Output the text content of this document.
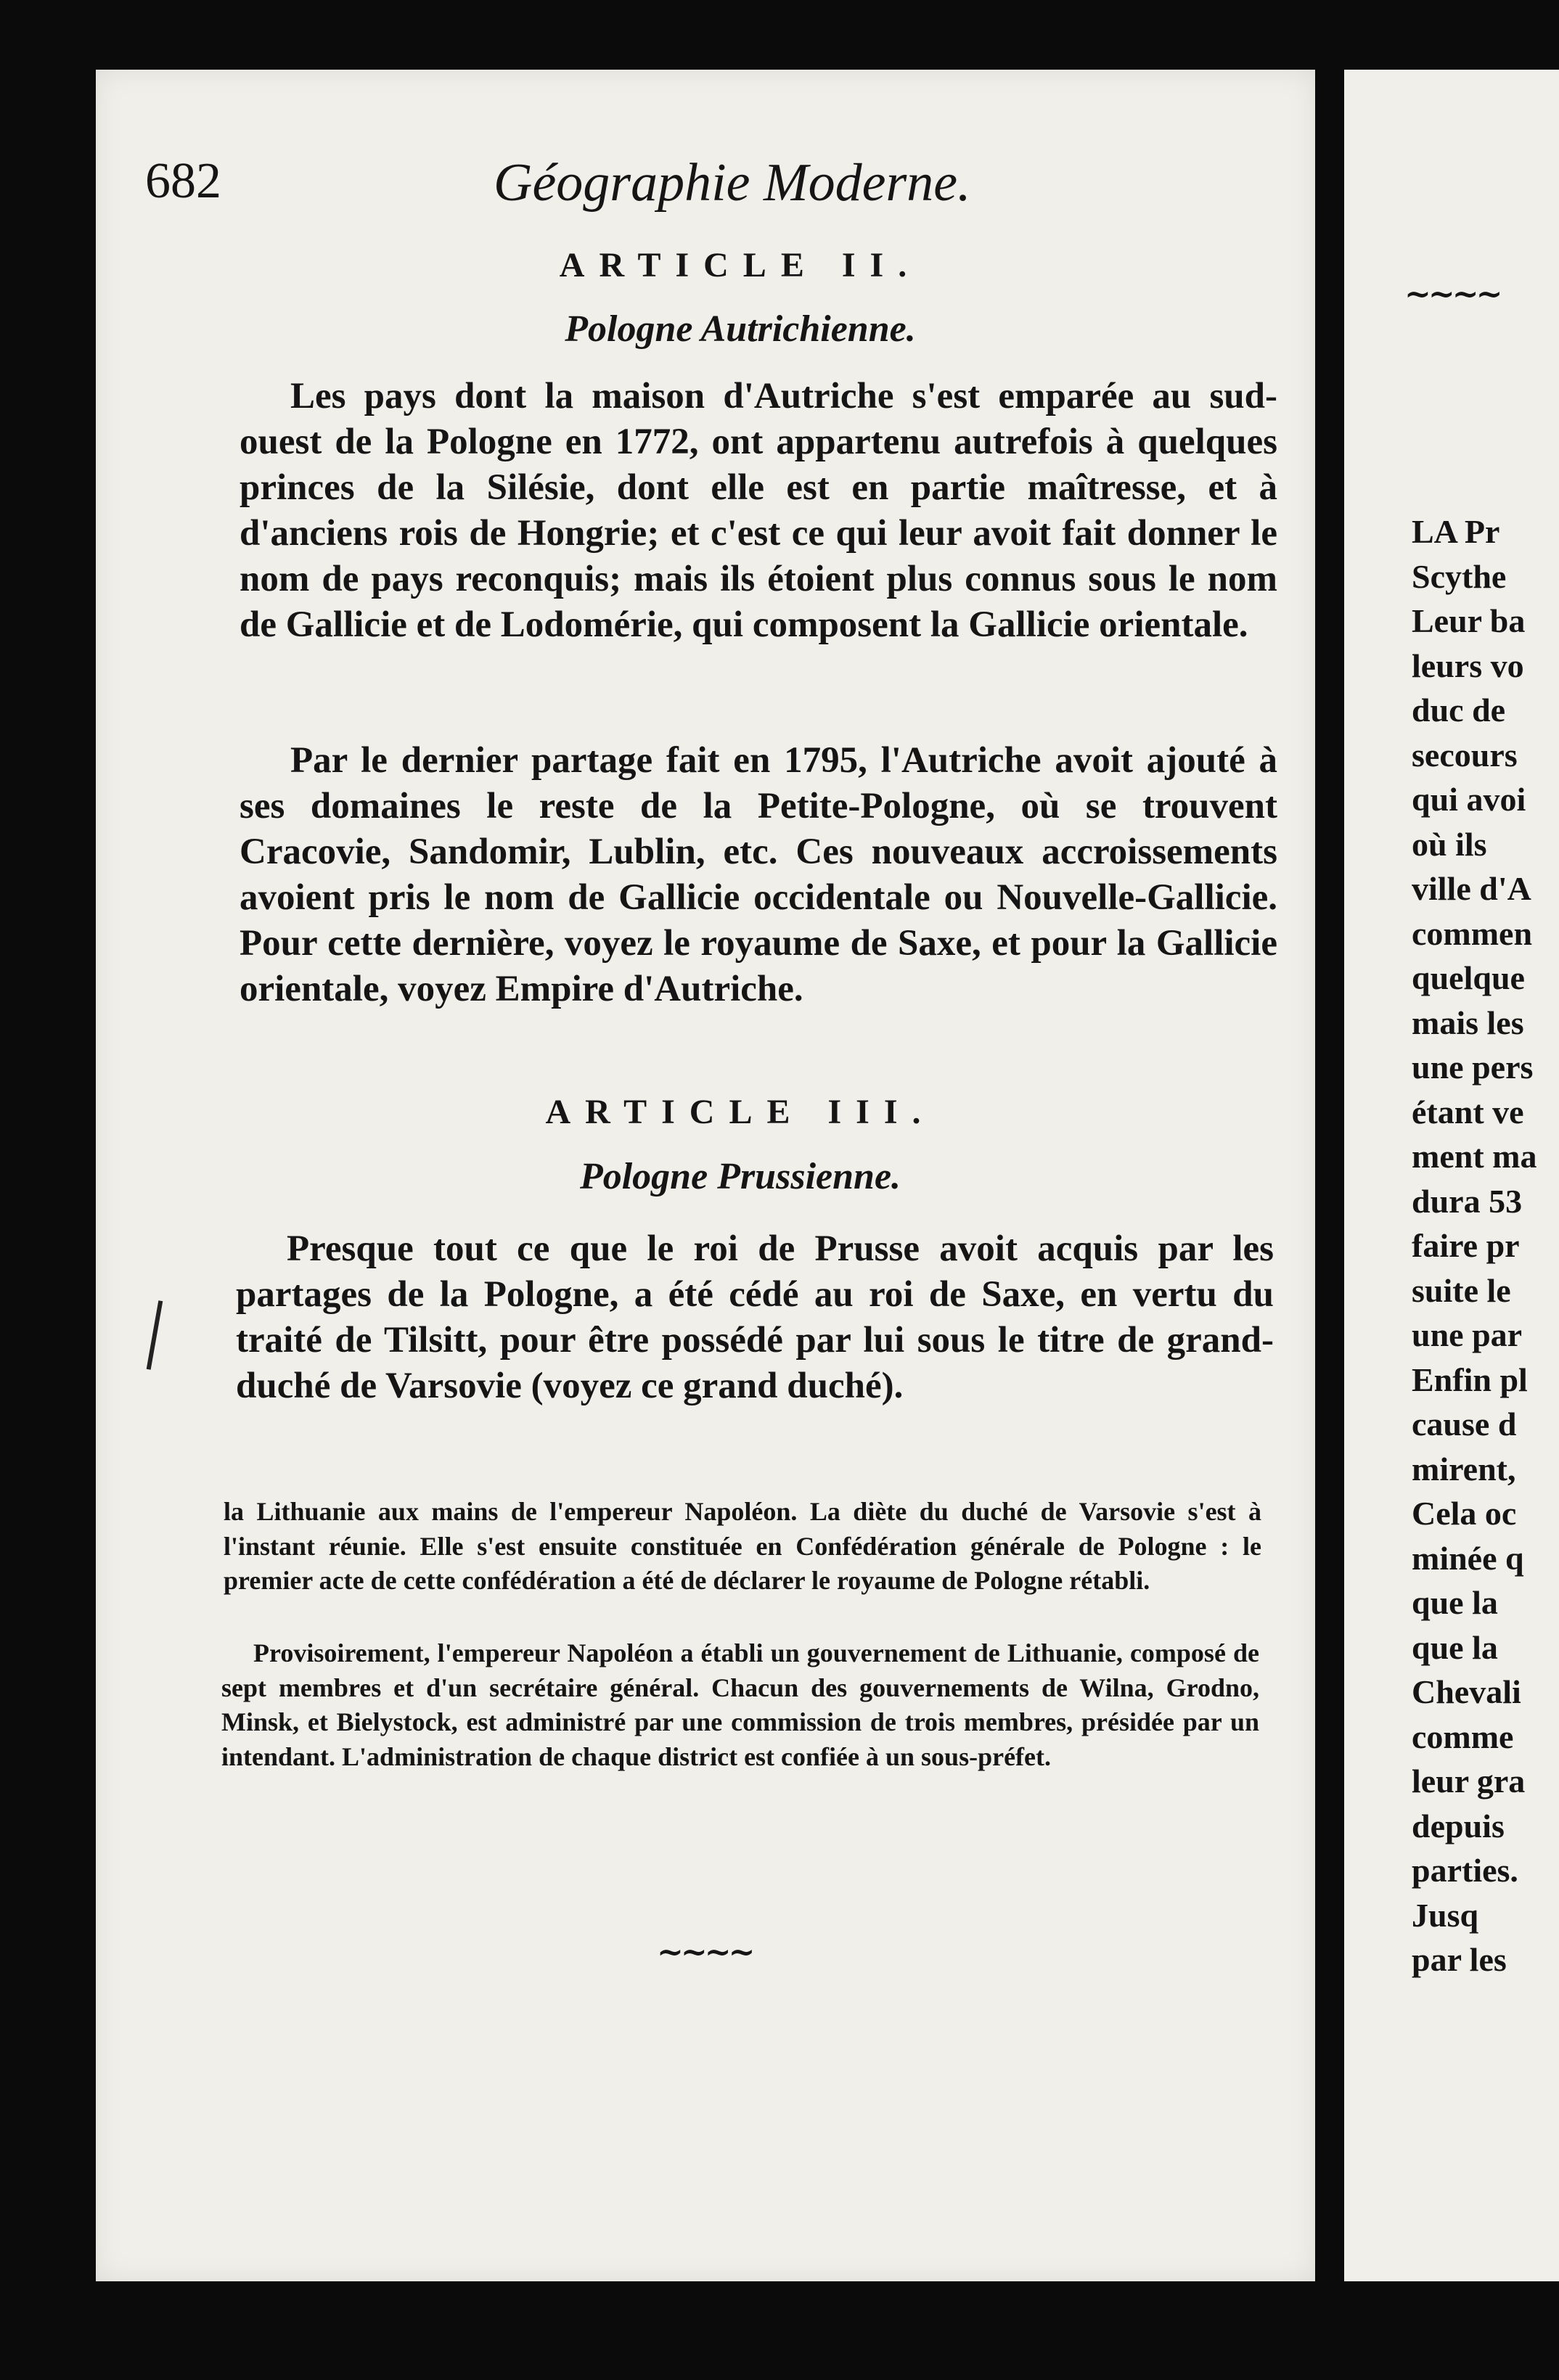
682	Géographie Moderne.
ARTICLE II.
Pologne Autrichienne.

Les pays dont la maison d'Autriche s'est emparée au sud-ouest de la Pologne en 1772, ont appartenu autrefois à quelques princes de la Silésie, dont elle est en partie maîtresse, et à d'anciens rois de Hongrie; et c'est ce qui leur avoit fait donner le nom de pays reconquis; mais ils étoient plus connus sous le nom de Gallicie et de Lodomérie, qui composent la Gallicie orientale.

Par le dernier partage fait en 1795, l'Autriche avoit ajouté à ses domaines le reste de la Petite-Pologne, où se trouvent Cracovie, Sandomir, Lublin, etc. Ces nouveaux accroissements avoient pris le nom de Gallicie occidentale ou Nouvelle-Gallicie. Pour cette dernière, voyez le royaume de Saxe, et pour la Gallicie orientale, voyez Empire d'Autriche.

ARTICLE III.
Pologne Prussienne.

Presque tout ce que le roi de Prusse avoit acquis par les partages de la Pologne, a été cédé au roi de Saxe, en vertu du traité de Tilsitt, pour être possédé par lui sous le titre de grand-duché de Varsovie (voyez ce grand duché).

la Lithuanie aux mains de l'empereur Napoléon. La diète du duché de Varsovie s'est à l'instant réunie. Elle s'est ensuite constituée en Confédération générale de Pologne : le premier acte de cette confédération a été de déclarer le royaume de Pologne rétabli.

Provisoirement, l'empereur Napoléon a établi un gouvernement de Lithuanie, composé de sept membres et d'un secrétaire général. Chacun des gouvernements de Wilna, Grodno, Minsk, et Bielystock, est administré par une commission de trois membres, présidée par un intendant. L'administration de chaque district est confiée à un sous-préfet.

~~~~
~~~~
LA Pr
Scythe
Leur ba
leurs vo
duc de
secours
qui avoi
où ils
ville d'A
commen
quelque
mais les
une pers
étant ve
ment ma
dura 53
faire pr
suite le
une par
Enfin pl
cause d
mirent,
Cela oc
minée q
que la
que la
Chevali
comme
leur gra
depuis
parties.
Jusq
par les
